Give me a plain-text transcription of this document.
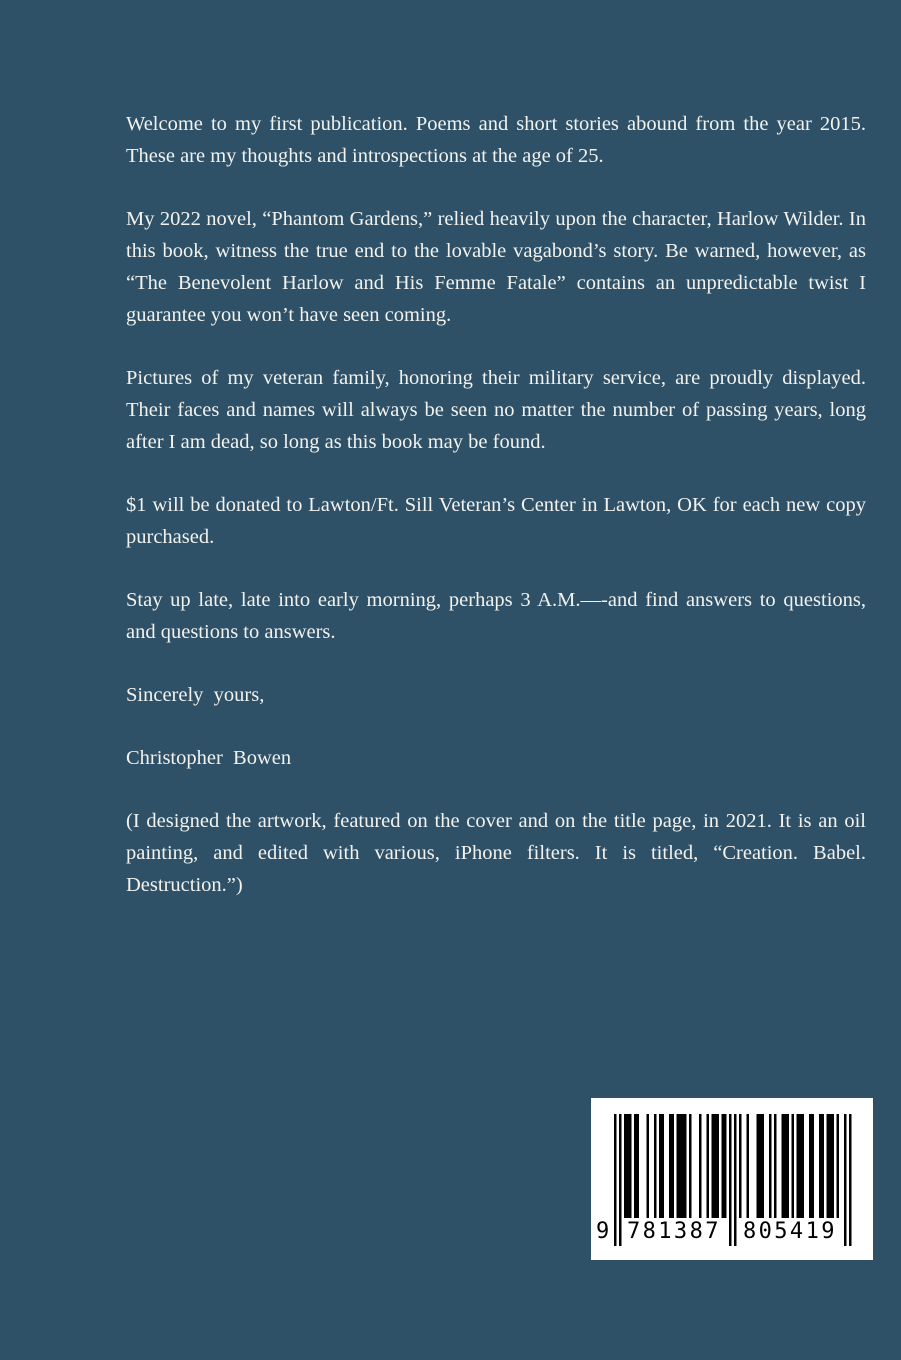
Welcome to my first publication. Poems and short stories abound from the year 2015. These are my thoughts and introspections at the age of 25.

My 2022 novel, “Phantom Gardens,” relied heavily upon the character, Harlow Wilder. In this book, witness the true end to the lovable vagabond’s story. Be warned, however, as “The Benevolent Harlow and His Femme Fatale” contains an unpredictable twist I guarantee you won’t have seen coming.

Pictures of my veteran family, honoring their military service, are proudly displayed. Their faces and names will always be seen no matter the number of passing years, long after I am dead, so long as this book may be found.

$1 will be donated to Lawton/Ft. Sill Veteran’s Center in Lawton, OK for each new copy purchased.

Stay up late, late into early morning, perhaps 3 A.M.—-and find answers to questions, and questions to answers.

Sincerely  yours,

Christopher  Bowen

(I designed the artwork, featured on the cover and on the title page, in 2021. It is an oil painting, and edited with various, iPhone filters. It is titled, “Creation. Babel. Destruction.”)

9 781387 805419
